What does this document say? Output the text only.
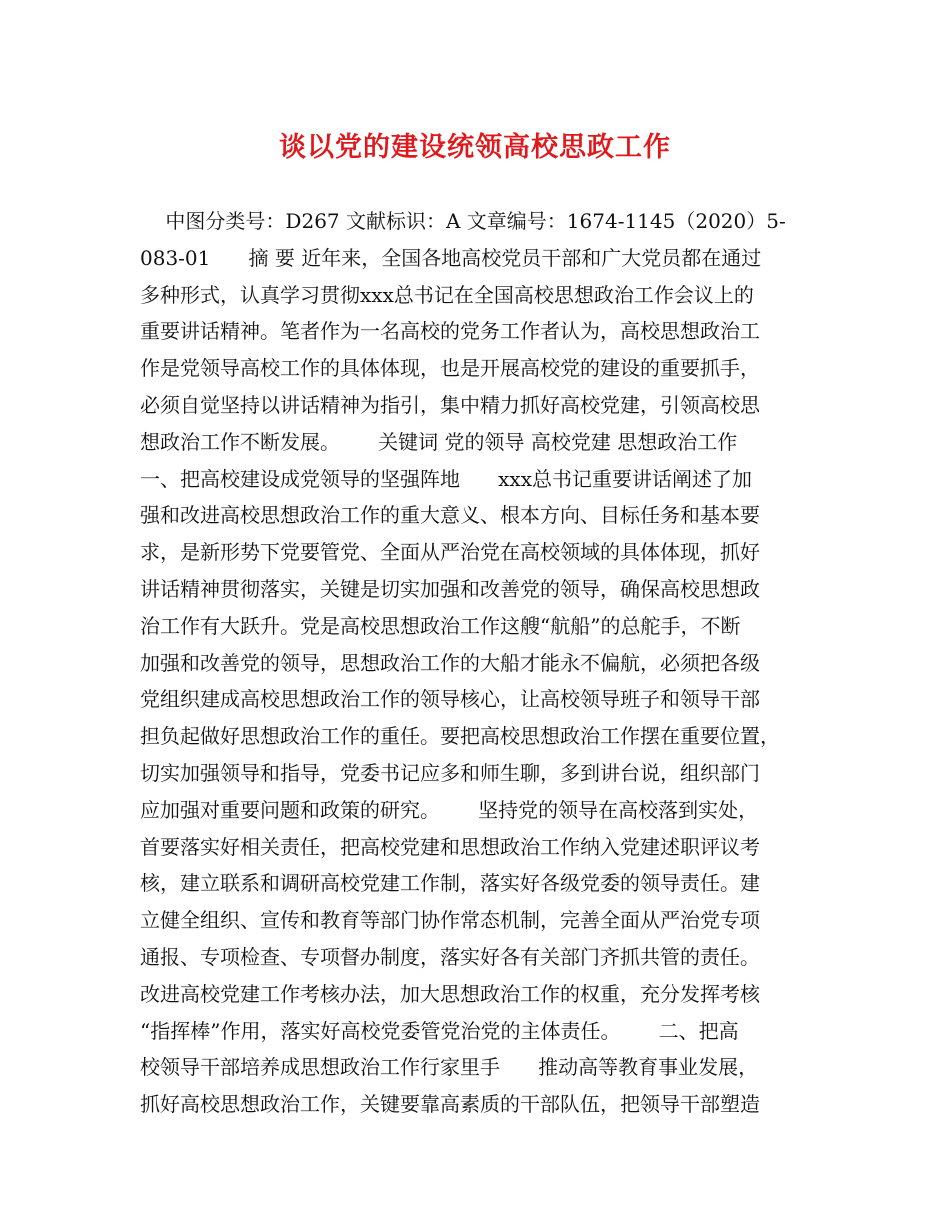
谈以党的建设统领高校思政工作
中图分类号：D267 文献标识：A 文章编号：1674-1145（2020）5-
083-01      摘 要 近年来，全国各地高校党员干部和广大党员都在通过
多种形式，认真学习贯彻xxx总书记在全国高校思想政治工作会议上的
重要讲话精神。笔者作为一名高校的党务工作者认为，高校思想政治工
作是党领导高校工作的具体体现，也是开展高校党的建设的重要抓手，
必须自觉坚持以讲话精神为指引，集中精力抓好高校党建，引领高校思
想政治工作不断发展。      关键词 党的领导 高校党建 思想政治工作
一、把高校建设成党领导的坚强阵地      xxx总书记重要讲话阐述了加
强和改进高校思想政治工作的重大意义、根本方向、目标任务和基本要
求，是新形势下党要管党、全面从严治党在高校领域的具体体现，抓好
讲话精神贯彻落实，关键是切实加强和改善党的领导，确保高校思想政
治工作有大跃升。党是高校思想政治工作这艘“航船”的总舵手，不断
加强和改善党的领导，思想政治工作的大船才能永不偏航，必须把各级
党组织建成高校思想政治工作的领导核心，让高校领导班子和领导干部
担负起做好思想政治工作的重任。要把高校思想政治工作摆在重要位置，
切实加强领导和指导，党委书记应多和师生聊，多到讲台说，组织部门
应加强对重要问题和政策的研究。      坚持党的领导在高校落到实处，
首要落实好相关责任，把高校党建和思想政治工作纳入党建述职评议考
核，建立联系和调研高校党建工作制，落实好各级党委的领导责任。建
立健全组织、宣传和教育等部门协作常态机制，完善全面从严治党专项
通报、专项检查、专项督办制度，落实好各有关部门齐抓共管的责任。
改进高校党建工作考核办法，加大思想政治工作的权重，充分发挥考核
“指挥棒”作用，落实好高校党委管党治党的主体责任。      二、把高
校领导干部培养成思想政治工作行家里手      推动高等教育事业发展，
抓好高校思想政治工作，关键要靠高素质的干部队伍，把领导干部塑造
